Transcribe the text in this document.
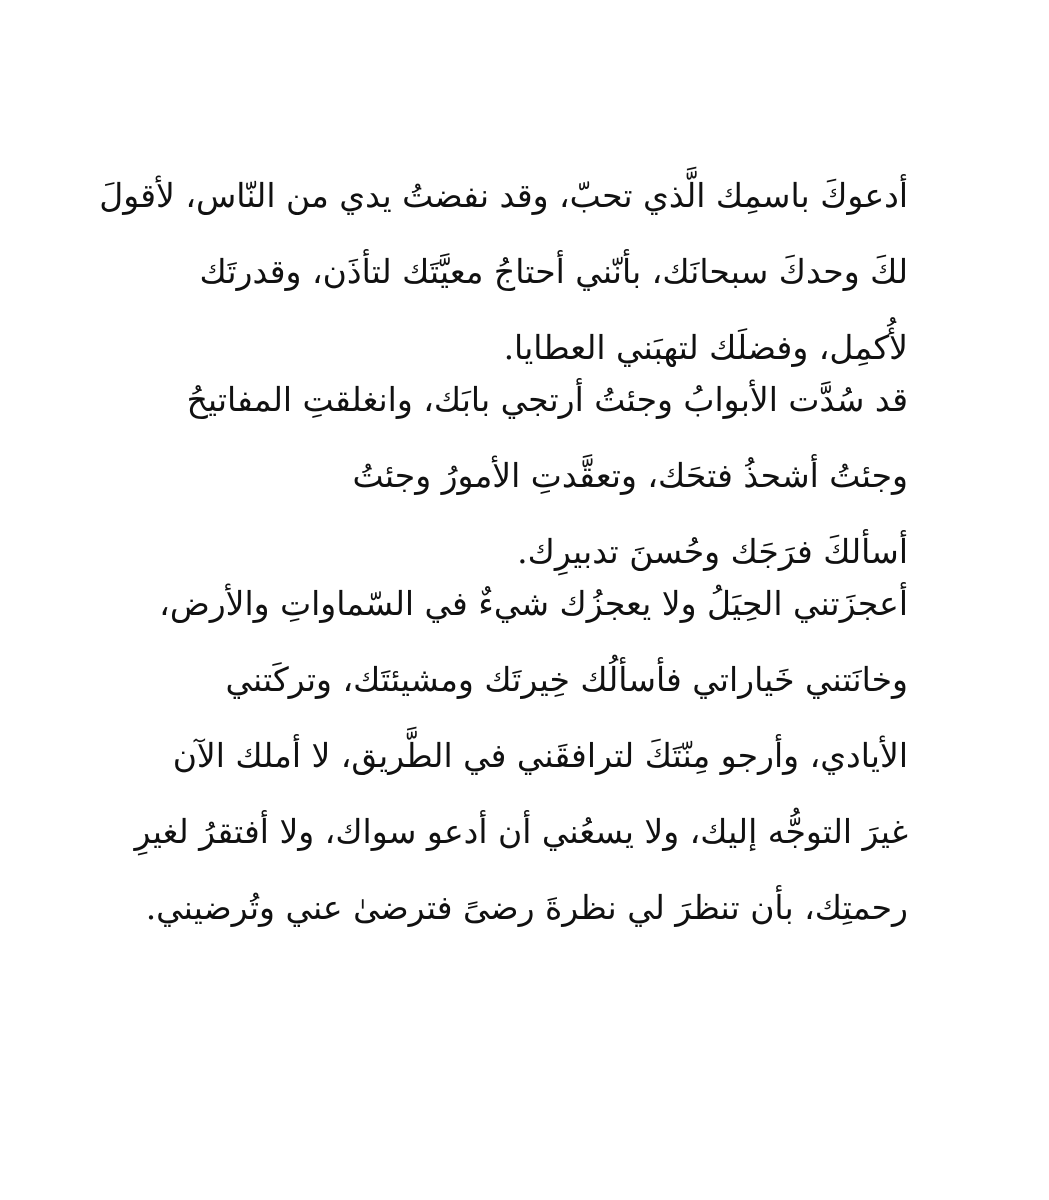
أدعوكَ باسمِك الَّذي تحبّ، وقد نفضتُ يدي من النّاس، لأقولَ
لكَ وحدكَ سبحانَك، بأنّني أحتاجُ معيَّتَك لتأذَن، وقدرتَك
لأُكمِل، وفضلَك لتهبَني العطايا.
قد سُدَّت الأبوابُ وجئتُ أرتجي بابَك، وانغلقتِ المفاتيحُ
وجئتُ أشحذُ فتحَك، وتعقَّدتِ الأمورُ وجئتُ
أسألكَ فرَجَك وحُسنَ تدبيرِك.
أعجزَتني الحِيَلُ ولا يعجزُك شيءٌ في السّماواتِ والأرض،
وخانَتني خَياراتي فأسألُك خِيرتَك ومشيئتَك، وتركَتني
الأيادي، وأرجو مِنّتَكَ لترافقَني في الطَّريق، لا أملك الآن
غيرَ التوجُّه إليك، ولا يسعُني أن أدعو سواك، ولا أفتقرُ لغيرِ
رحمتِك، بأن تنظرَ لي نظرةَ رضىً فترضىٰ عني وتُرضيني.
